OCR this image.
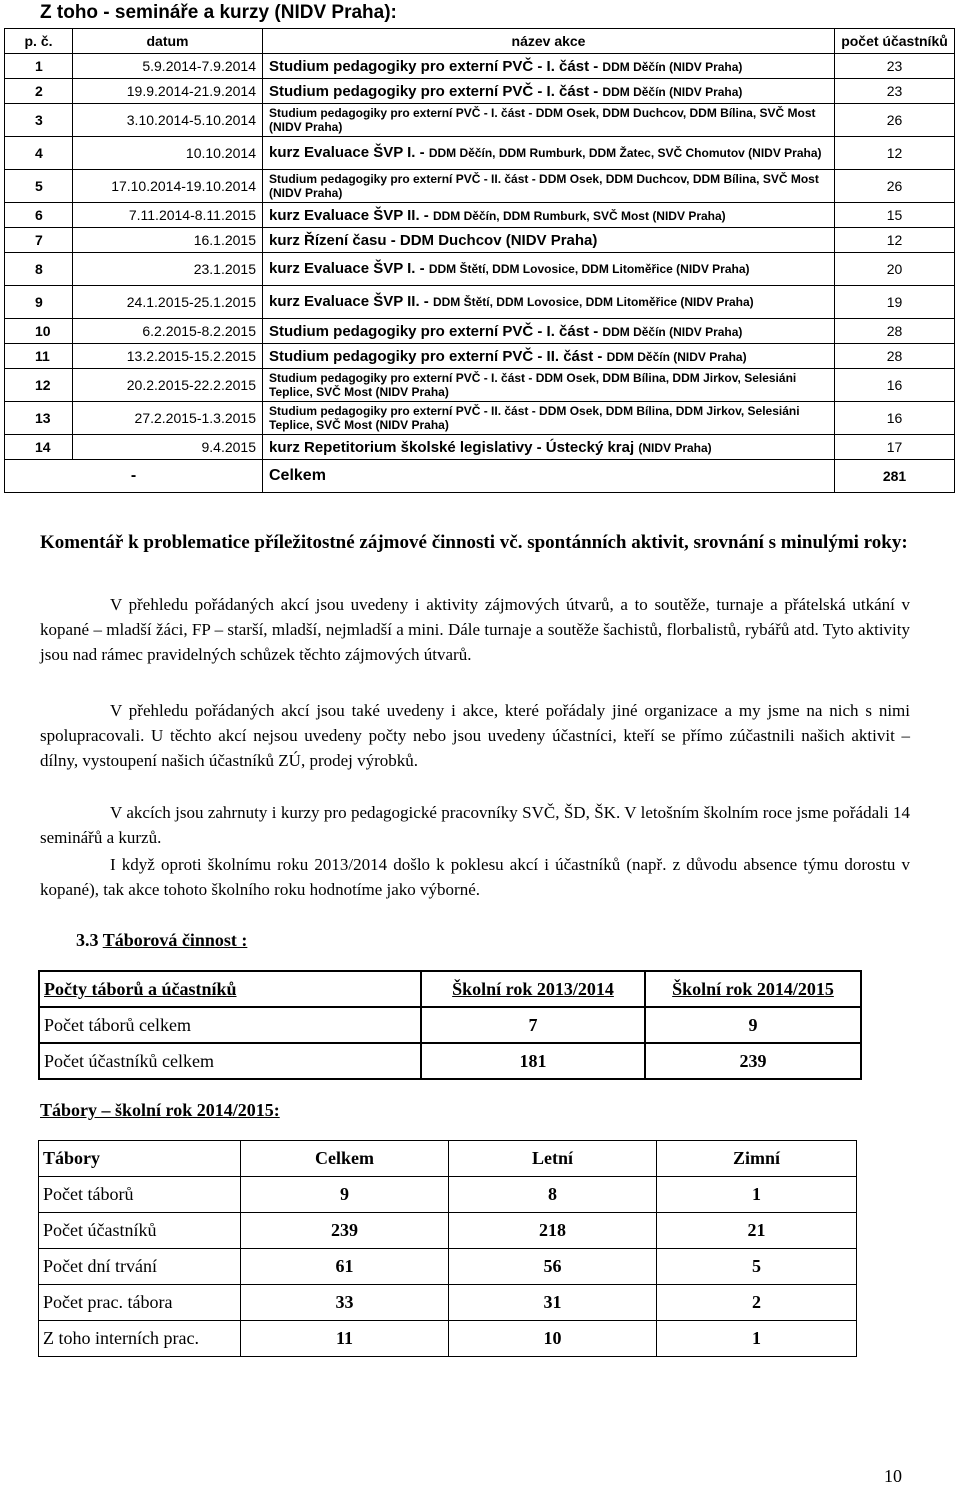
Z toho - semináře a kurzy (NIDV Praha):
p. č.	datum	název akce	počet účastníků
1	5.9.2014-7.9.2014	Studium pedagogiky pro externí PVČ - I. část - DDM Děčín (NIDV Praha)	23
2	19.9.2014-21.9.2014	Studium pedagogiky pro externí PVČ - I. část - DDM Děčín (NIDV Praha)	23
3	3.10.2014-5.10.2014	Studium pedagogiky pro externí PVČ - I. část - DDM Osek, DDM Duchcov, DDM Bílina, SVČ Most (NIDV Praha)	26
4	10.10.2014	kurz Evaluace ŠVP I. - DDM Děčín, DDM Rumburk, DDM Žatec, SVČ Chomutov (NIDV Praha)	12
5	17.10.2014-19.10.2014	Studium pedagogiky pro externí PVČ - II. část - DDM Osek, DDM Duchcov, DDM Bílina, SVČ Most (NIDV Praha)	26
6	7.11.2014-8.11.2015	kurz Evaluace ŠVP II. - DDM Děčín, DDM Rumburk, SVČ Most (NIDV Praha)	15
7	16.1.2015	kurz Řízení času - DDM Duchcov (NIDV Praha)	12
8	23.1.2015	kurz Evaluace ŠVP I. - DDM Štětí, DDM Lovosice, DDM Litoměřice (NIDV Praha)	20
9	24.1.2015-25.1.2015	kurz Evaluace ŠVP II. - DDM Štětí, DDM Lovosice, DDM Litoměřice (NIDV Praha)	19
10	6.2.2015-8.2.2015	Studium pedagogiky pro externí PVČ - I. část - DDM Děčín (NIDV Praha)	28
11	13.2.2015-15.2.2015	Studium pedagogiky pro externí PVČ - II. část - DDM Děčín (NIDV Praha)	28
12	20.2.2015-22.2.2015	Studium pedagogiky pro externí PVČ - I. část - DDM Osek, DDM Bílina, DDM Jirkov, Selesiáni Teplice, SVČ Most (NIDV Praha)	16
13	27.2.2015-1.3.2015	Studium pedagogiky pro externí PVČ - II. část - DDM Osek, DDM Bílina, DDM Jirkov, Selesiáni Teplice, SVČ Most (NIDV Praha)	16
14	9.4.2015	kurz Repetitorium školské legislativy - Ústecký kraj (NIDV Praha)	17
-		Celkem	281
Komentář k problematice příležitostné zájmové činnosti vč. spontánních aktivit, srovnání s minulými roky:
V přehledu pořádaných akcí jsou uvedeny i aktivity zájmových útvarů, a to soutěže, turnaje a přátelská utkání v kopané – mladší žáci, FP – starší, mladší, nejmladší a mini. Dále turnaje a soutěže šachistů, florbalistů, rybářů atd. Tyto aktivity jsou nad rámec pravidelných schůzek těchto zájmových útvarů.
V přehledu pořádaných akcí jsou také uvedeny i akce, které pořádaly jiné organizace a my jsme na nich s nimi spolupracovali. U těchto akcí nejsou uvedeny počty nebo jsou uvedeny účastníci, kteří se přímo zúčastnili našich aktivit – dílny, vystoupení našich účastníků ZÚ, prodej výrobků.
V akcích jsou zahrnuty i kurzy pro pedagogické pracovníky SVČ, ŠD, ŠK. V letošním školním roce jsme pořádali 14 seminářů a kurzů.
I když oproti školnímu roku 2013/2014 došlo k poklesu akcí i účastníků (např. z důvodu absence týmu dorostu v kopané), tak akce tohoto školního roku hodnotíme jako výborné.
3.3 Táborová činnost :
Počty táborů a účastníků	Školní rok 2013/2014	Školní rok 2014/2015
Počet táborů celkem	7	9
Počet účastníků celkem	181	239
Tábory – školní rok 2014/2015:
Tábory	Celkem	Letní	Zimní
Počet táborů	9	8	1
Počet účastníků	239	218	21
Počet dní trvání	61	56	5
Počet prac. tábora	33	31	2
Z toho interních prac.	11	10	1
10
